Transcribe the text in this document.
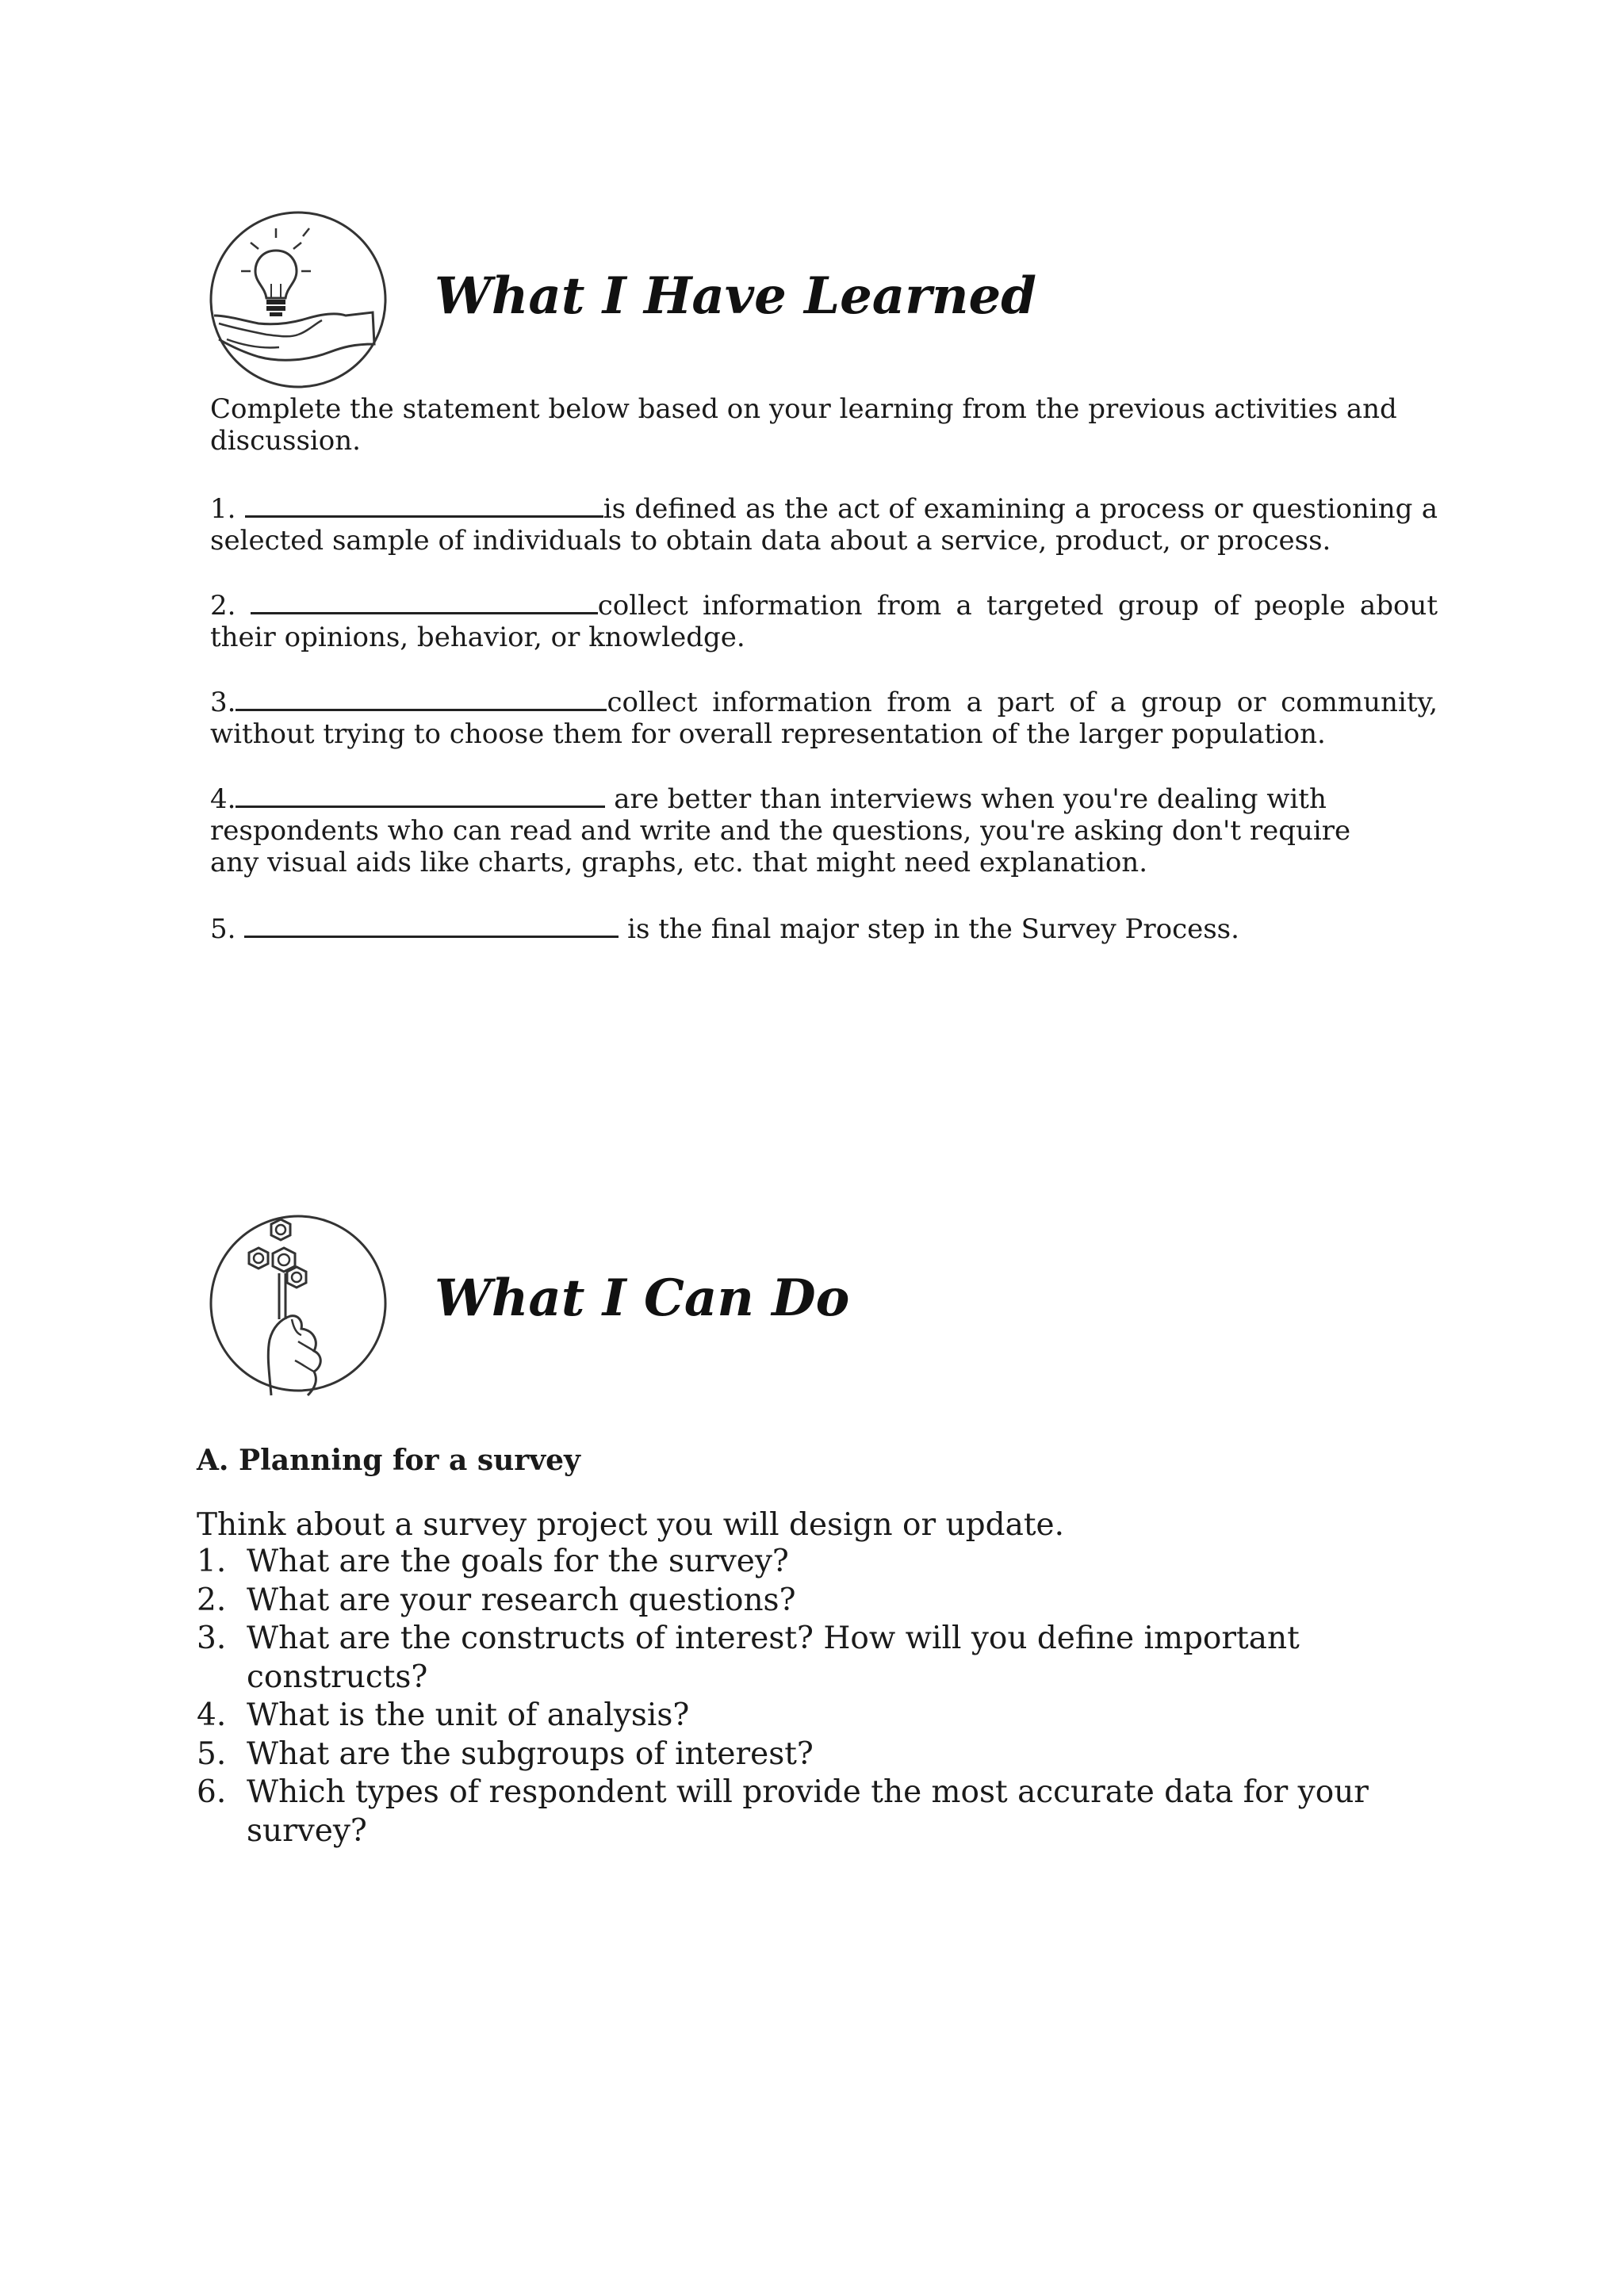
What I Have Learned

Complete the statement below based on your learning from the previous activities and discussion.

1.	is defined as the act of examining a process or questioning a selected sample of individuals to obtain data about a service, product, or process.

2.	collect information from a targeted group of people about their opinions, behavior, or knowledge.

3.	collect information from a part of a group or community, without trying to choose them for overall representation of the larger population.

4.	are better than interviews when you're dealing with respondents who can read and write and the questions, you're asking don't require any visual aids like charts, graphs, etc. that might need explanation.

5.	is the final major step in the Survey Process.

What I Can Do

A. Planning for a survey

Think about a survey project you will design or update.

1. What are the goals for the survey?
2. What are your research questions?
3. What are the constructs of interest? How will you define important constructs?
4. What is the unit of analysis?
5. What are the subgroups of interest?
6. Which types of respondent will provide the most accurate data for your survey?
